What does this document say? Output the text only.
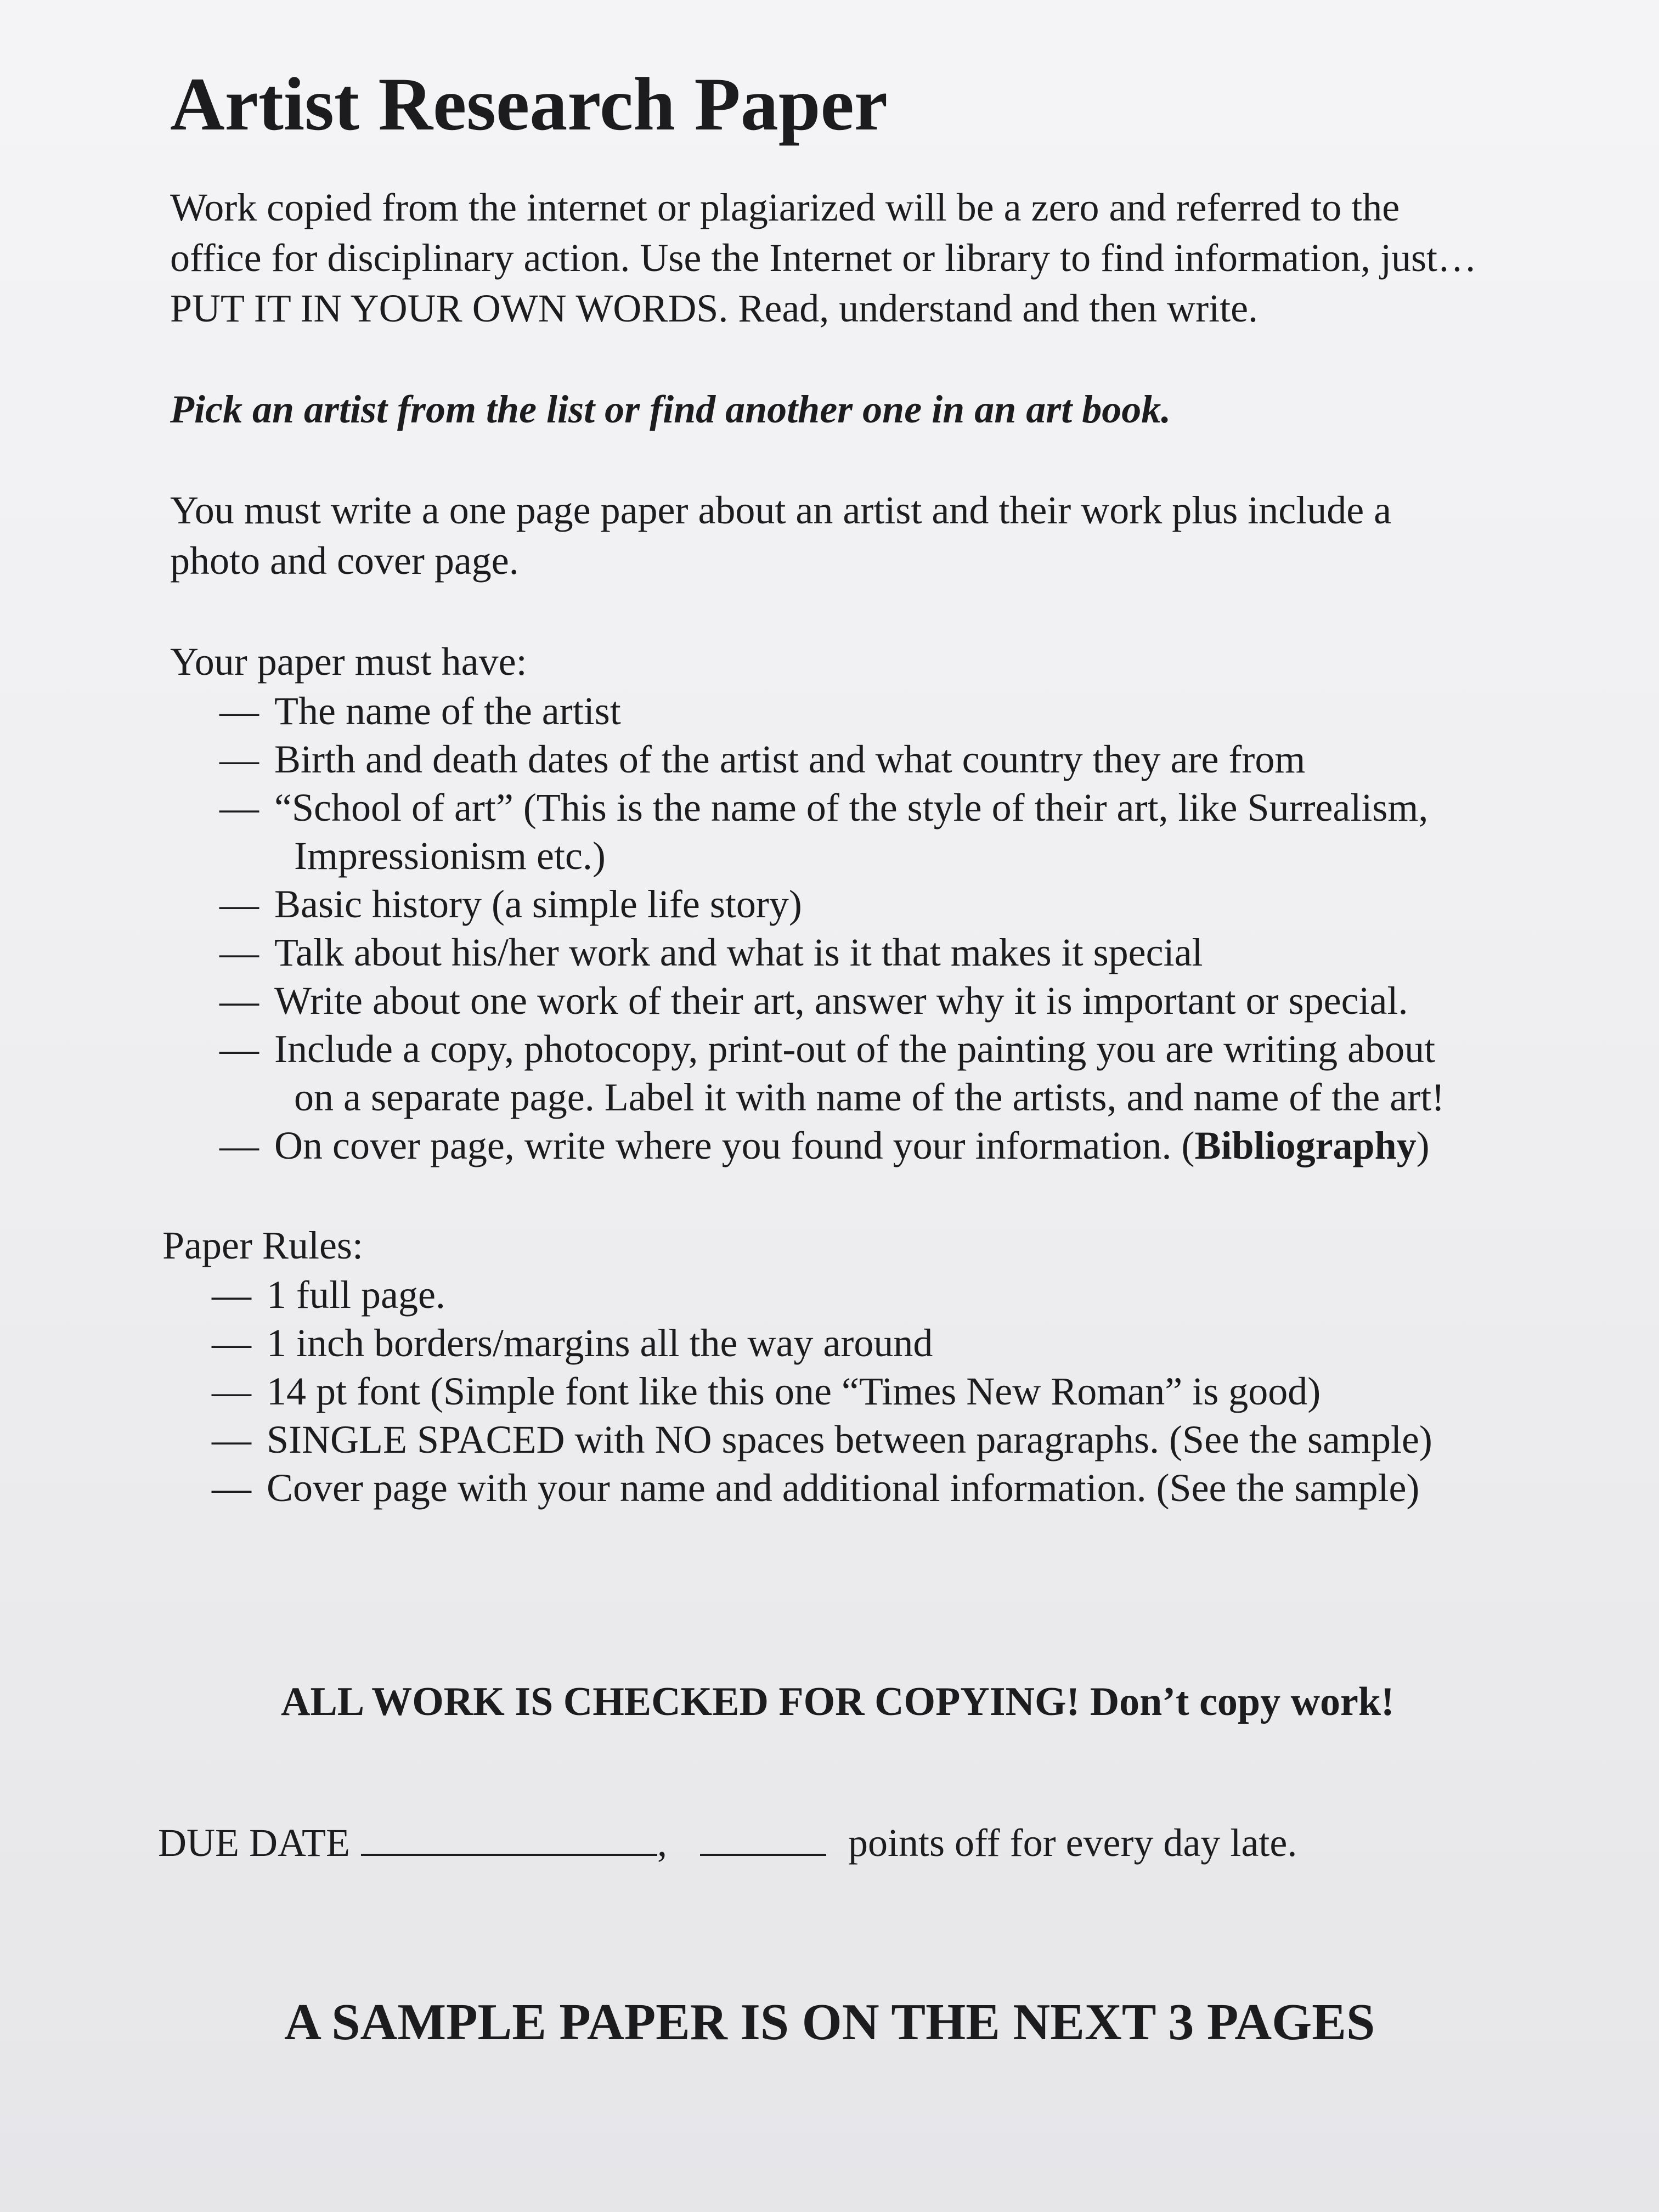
Artist Research Paper

Work copied from the internet or plagiarized will be a zero and referred to the
office for disciplinary action. Use the Internet or library to find information, just…
PUT IT IN YOUR OWN WORDS. Read, understand and then write.

Pick an artist from the list or find another one in an art book.

You must write a one page paper about an artist and their work plus include a
photo and cover page.

Your paper must have:

— The name of the artist
— Birth and death dates of the artist and what country they are from
— “School of art” (This is the name of the style of their art, like Surrealism,
Impressionism etc.)
— Basic history (a simple life story)
— Talk about his/her work and what is it that makes it special
— Write about one work of their art, answer why it is important or special.
— Include a copy, photocopy, print-out of the painting you are writing about
on a separate page. Label it with name of the artists, and name of the art!
— On cover page, write where you found your information. (Bibliography)

Paper Rules:

— 1 full page.
— 1 inch borders/margins all the way around
— 14 pt font (Simple font like this one “Times New Roman” is good)
— SINGLE SPACED with NO spaces between paragraphs. (See the sample)
— Cover page with your name and additional information. (See the sample)
ALL WORK IS CHECKED FOR COPYING! Don’t copy work!
DUE DATE	,	points off for every day late.
A SAMPLE PAPER IS ON THE NEXT 3 PAGES
